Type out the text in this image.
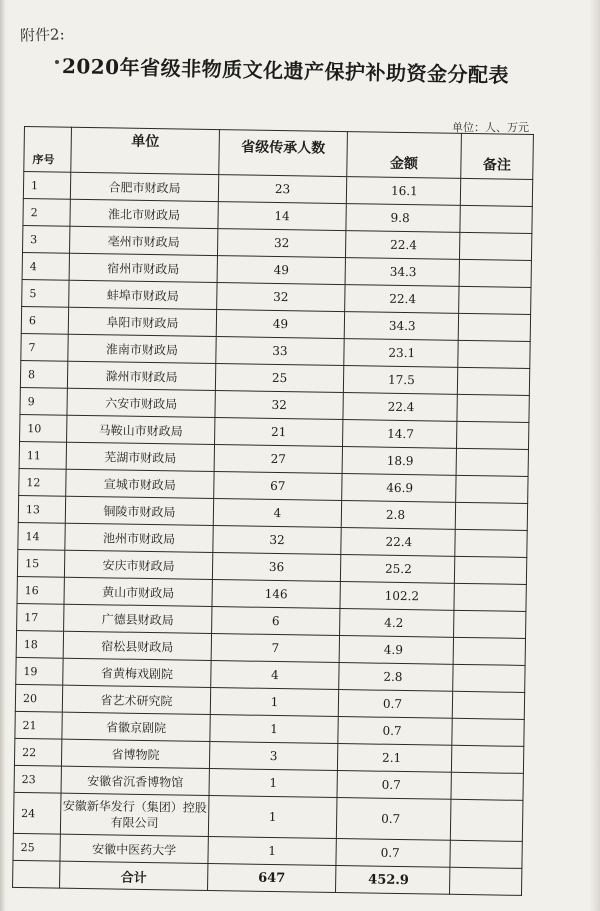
附件2:
2020年省级非物质文化遗产保护补助资金分配表
单位：人、万元
序号	单位	省级传承人数	金额	备注
1	合肥市财政局	23	16.1	
2	淮北市财政局	14	9.8	
3	亳州市财政局	32	22.4	
4	宿州市财政局	49	34.3	
5	蚌埠市财政局	32	22.4	
6	阜阳市财政局	49	34.3	
7	淮南市财政局	33	23.1	
8	滁州市财政局	25	17.5	
9	六安市财政局	32	22.4	
10	马鞍山市财政局	21	14.7	
11	芜湖市财政局	27	18.9	
12	宣城市财政局	67	46.9	
13	铜陵市财政局	4	2.8	
14	池州市财政局	32	22.4	
15	安庆市财政局	36	25.2	
16	黄山市财政局	146	102.2	
17	广德县财政局	6	4.2	
18	宿松县财政局	7	4.9	
19	省黄梅戏剧院	4	2.8	
20	省艺术研究院	1	0.7	
21	省徽京剧院	1	0.7	
22	省博物院	3	2.1	
23	安徽省沉香博物馆	1	0.7	
24	安徽新华发行（集团）控股有限公司	1	0.7	
25	安徽中医药大学	1	0.7	
	合计	647	452.9	
